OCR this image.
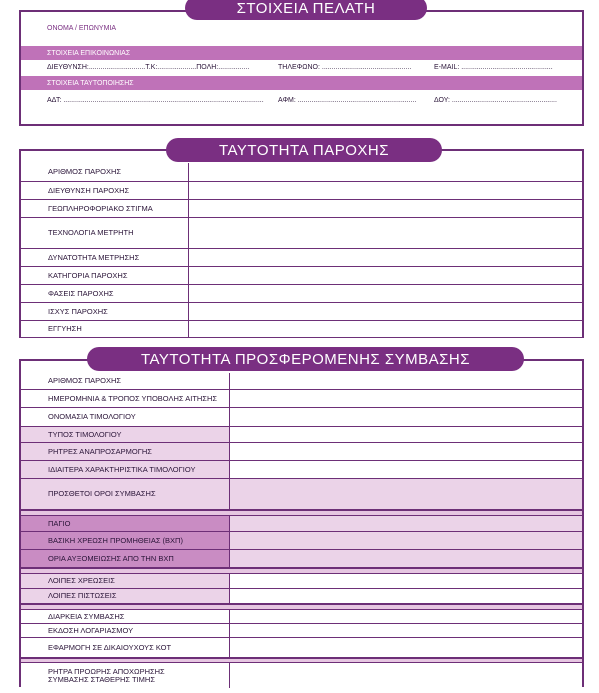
ΟΝΟΜΑ / ΕΠΩΝΥΜΙΑ
ΣΤΟΙΧΕΙΑ ΕΠΙΚΟΙΝΩΝΙΑΣ
ΔΙΕΥΘΥΝΣΗ:.............................Τ.Κ:....................ΠΟΛΗ:................	ΤΗΛΕΦΩΝΟ: ..............................................	E-MAIL: ...............................................
ΣΤΟΙΧΕΙΑ ΤΑΥΤΟΠΟΙΗΣΗΣ
ΑΔΤ: ....................................................................................................... ΑΦΜ: .............................................................	ΔΟΥ: ......................................................
ΣΤΟΙΧΕΙΑ ΠΕΛΑΤΗ
ΑΡΙΘΜΟΣ ΠΑΡΟΧΗΣ
ΔΙΕΥΘΥΝΣΗ ΠΑΡΟΧΗΣ
ΓΕΩΠΛΗΡΟΦΟΡΙΑΚΟ ΣΤΙΓΜΑ
ΤΕΧΝΟΛΟΓΙΑ ΜΕΤΡΗΤΗ
ΔΥΝΑΤΟΤΗΤΑ ΜΕΤΡΗΣΗΣ
ΚΑΤΗΓΟΡΙΑ ΠΑΡΟΧΗΣ
ΦΑΣΕΙΣ ΠΑΡΟΧΗΣ
ΙΣΧΥΣ ΠΑΡΟΧΗΣ
ΕΓΓΥΗΣΗ
ΤΑΥΤΟΤΗΤΑ ΠΑΡΟΧΗΣ
ΑΡΙΘΜΟΣ ΠΑΡΟΧΗΣ
ΗΜΕΡΟΜΗΝΙΑ & ΤΡΟΠΟΣ ΥΠΟΒΟΛΗΣ ΑΙΤΗΣΗΣ
ΟΝΟΜΑΣΙΑ ΤΙΜΟΛΟΓΙΟΥ
ΤΥΠΟΣ ΤΙΜΟΛΟΓΙΟΥ
ΡΗΤΡΕΣ ΑΝΑΠΡΟΣΑΡΜΟΓΗΣ
ΙΔΙΑΙΤΕΡΑ ΧΑΡΑΚΤΗΡΙΣΤΙΚΑ ΤΙΜΟΛΟΓΙΟΥ
ΠΡΟΣΘΕΤΟΙ ΟΡΟΙ ΣΥΜΒΑΣΗΣ
ΠΑΓΙΟ
ΒΑΣΙΚΗ ΧΡΕΩΣΗ ΠΡΟΜΗΘΕΙΑΣ (ΒΧΠ)
ΟΡΙΑ ΑΥΞΟΜΕΙΩΣΗΣ ΑΠΟ ΤΗΝ ΒΧΠ
ΛΟΙΠΕΣ ΧΡΕΩΣΕΙΣ
ΛΟΙΠΕΣ ΠΙΣΤΩΣΕΙΣ
ΔΙΑΡΚΕΙΑ ΣΥΜΒΑΣΗΣ
ΕΚΔΟΣΗ ΛΟΓΑΡΙΑΣΜΟΥ
ΕΦΑΡΜΟΓΗ ΣΕ ΔΙΚΑΙΟΥΧΟΥΣ ΚΟΤ
ΡΗΤΡΑ ΠΡΟΩΡΗΣ ΑΠΟΧΩΡΗΣΗΣ
ΣΥΜΒΑΣΗΣ ΣΤΑΘΕΡΗΣ ΤΙΜΗΣ
ΤΑΥΤΟΤΗΤΑ ΠΡΟΣΦΕΡΟΜΕΝΗΣ ΣΥΜΒΑΣΗΣ
